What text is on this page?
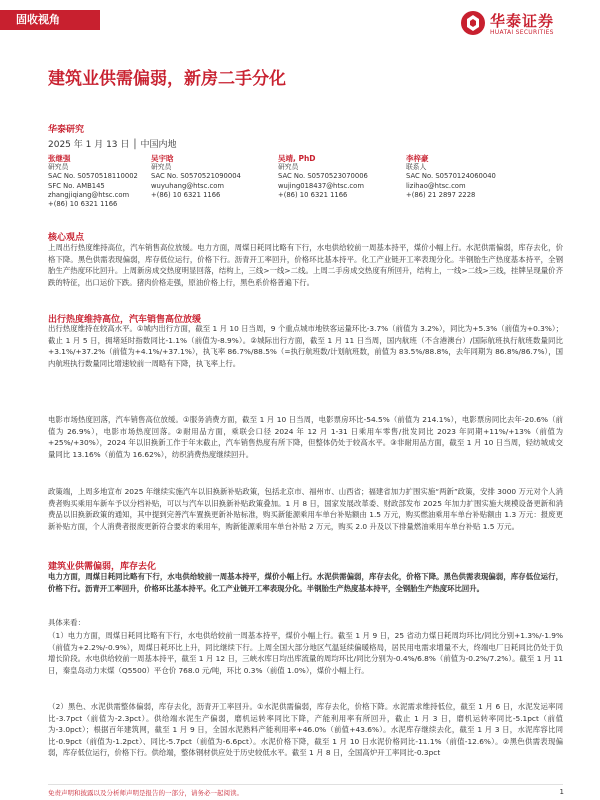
固收视角	华泰证券
HUATAI SECURITIES
建筑业供需偏弱，新房二手分化
华泰研究
2025 年 1 月 13 日 │ 中国内地
张继强
研究员
SAC No. S0570518110002
SFC No. AMB145
zhangjiqiang@htsc.com
+(86) 10 6321 1166
吴宇晗
研究员
SAC No. S0570521090004
wuyuhang@htsc.com
+(86) 10 6321 1166
吴靖, PhD
研究员
SAC No. S0570523070006
wujing018437@htsc.com
+(86) 10 6321 1166
李梓豪
联系人
SAC No. S0570124060040
lizihao@htsc.com
+(86) 21 2897 2228
核心观点
上周出行热度维持高位，汽车销售高位放缓。电力方面，周煤日耗同比略有下行，水电供给较前一周基本持平，煤价小幅上行。水泥供需偏弱，库存去化，价格下降。黑色供需表现偏弱，库存低位运行，价格下行。沥青开工率回升，价格环比基本持平。化工产业链开工率表现分化。半钢胎生产热度基本持平，全钢胎生产热度环比回升。上周新房成交热度明显回落，结构上，三线>一线>二线。上周二手房成交热度有所回升，结构上，一线>二线>三线，挂牌呈现量价齐跌的特征，出口运价下跌。猪肉价格走强，原油价格上行，黑色系价格普遍下行。
出行热度维持高位，汽车销售高位放缓
出行热度维持在较高水平。①城内出行方面，截至 1 月 10 日当周，9 个重点城市地铁客运量环比-3.7%（前值为 3.2%），同比为+5.3%（前值为+0.3%）；截止 1 月 5 日，拥堵延时指数同比-1.1%（前值为-8.9%）。②城际出行方面，截至 1 月 11 日当周，国内航班（不含港澳台）/国际航班执行航班数量同比+3.1%/+37.2%（前值为+4.1%/+37.1%），执飞率 86.7%/88.5%（=执行航班数/计划航班数，前值为 83.5%/88.8%，去年同期为 86.8%/86.7%），国内航班执行数量同比增速较前一周略有下降，执飞率上行。
电影市场热度回落，汽车销售高位放缓。①服务消费方面，截至 1 月 10 日当周，电影票房环比-54.5%（前值为 214.1%），电影票房同比去年-20.6%（前值为 26.9%），电影市场热度回落。②耐用品方面，乘联会口径 2024 年 12 月 1-31 日乘用车零售/批发同比 2023 年同期+11%/+13%（前值为+25%/+30%），2024 年以旧换新工作于年末截止，汽车销售热度有所下降，但整体仍处于较高水平。③非耐用品方面，截至 1 月 10 日当周，轻纺城成交量同比 13.16%（前值为 16.62%），纺织消费热度继续回升。
政策端，上周多地宣布 2025 年继续实施汽车以旧换新补贴政策，包括北京市、福州市、山西省；福建省加力扩围实施“两新”政策，安排 3000 万元对个人消费者购买乘用车新车予以分档补贴，可以与汽车以旧换新补贴政策叠加。1 月 8 日，国家发展改革委、财政部发布 2025 年加力扩围实施大规模设备更新和消费品以旧换新政策的通知，其中提到完善汽车置换更新补贴标准，购买新能源乘用车单台补贴额由 1.5 万元，购买燃油乘用车单台补贴额由 1.3 万元：报废更新补贴方面，个人消费者报废更新符合要求的乘用车，购新能源乘用车单台补贴 2 万元，购买 2.0 升及以下排量燃油乘用车单台补贴 1.5 万元。
建筑业供需偏弱，库存去化
电力方面，周煤日耗同比略有下行，水电供给较前一周基本持平，煤价小幅上行。水泥供需偏弱，库存去化，价格下降。黑色供需表现偏弱，库存低位运行，价格下行。沥青开工率回升，价格环比基本持平。化工产业链开工率表现分化。半钢胎生产热度基本持平，全钢胎生产热度环比回升。
具体来看：
（1）电力方面，周煤日耗同比略有下行，水电供给较前一周基本持平，煤价小幅上行。截至 1 月 9 日，25 省动力煤日耗周均环比/同比分别+1.3%/-1.9%（前值为+2.2%/-0.9%），周煤日耗环比上升，同比继续下行。上周全国大部分地区气温延续偏暖格局，居民用电需求增量不大，终端电厂日耗同比仍处于负增长阶段。水电供给较前一周基本持平，截至 1 月 12 日，三峡水库日均出库流量的周均环比/同比分别为-0.4%/6.8%（前值为-0.2%/7.2%）。截至 1 月 11 日，秦皇岛动力末煤（Q5500）平仓价 768.0 元/吨，环比 0.3%（前值 1.0%），煤价小幅上行。
（2）黑色、水泥供需整体偏弱，库存去化，沥青开工率回升。①水泥供需偏弱，库存去化，价格下降。水泥需求维持低位，截至 1 月 6 日，水泥发运率同比-3.7pct（前值为-2.3pct）。供给端水泥生产偏弱，磨机运转率同比下降，产能利用率有所回升，截止 1 月 3 日，磨机运转率同比-5.1pct（前值为-3.0pct）；根据百年建筑网，截至 1 月 9 日，全国水泥熟料产能利用率+46.0%（前值+43.6%）。水泥库存继续去化，截至 1 月 3 日，水泥库容比同比-0.9pct（前值为-1.2pct）、同比-5.7pct（前值为-6.6pct）。水泥价格下降，截至 1 月 10 日水泥价格同比-11.1%（前值-12.6%）。②黑色供需表现偏弱，库存低位运行，价格下行。供给端，整体钢材供应处于历史较低水平。截至 1 月 8 日，全国高炉开工率同比-0.3pct
免责声明和披露以及分析师声明是报告的一部分，请务必一起阅读。	1
